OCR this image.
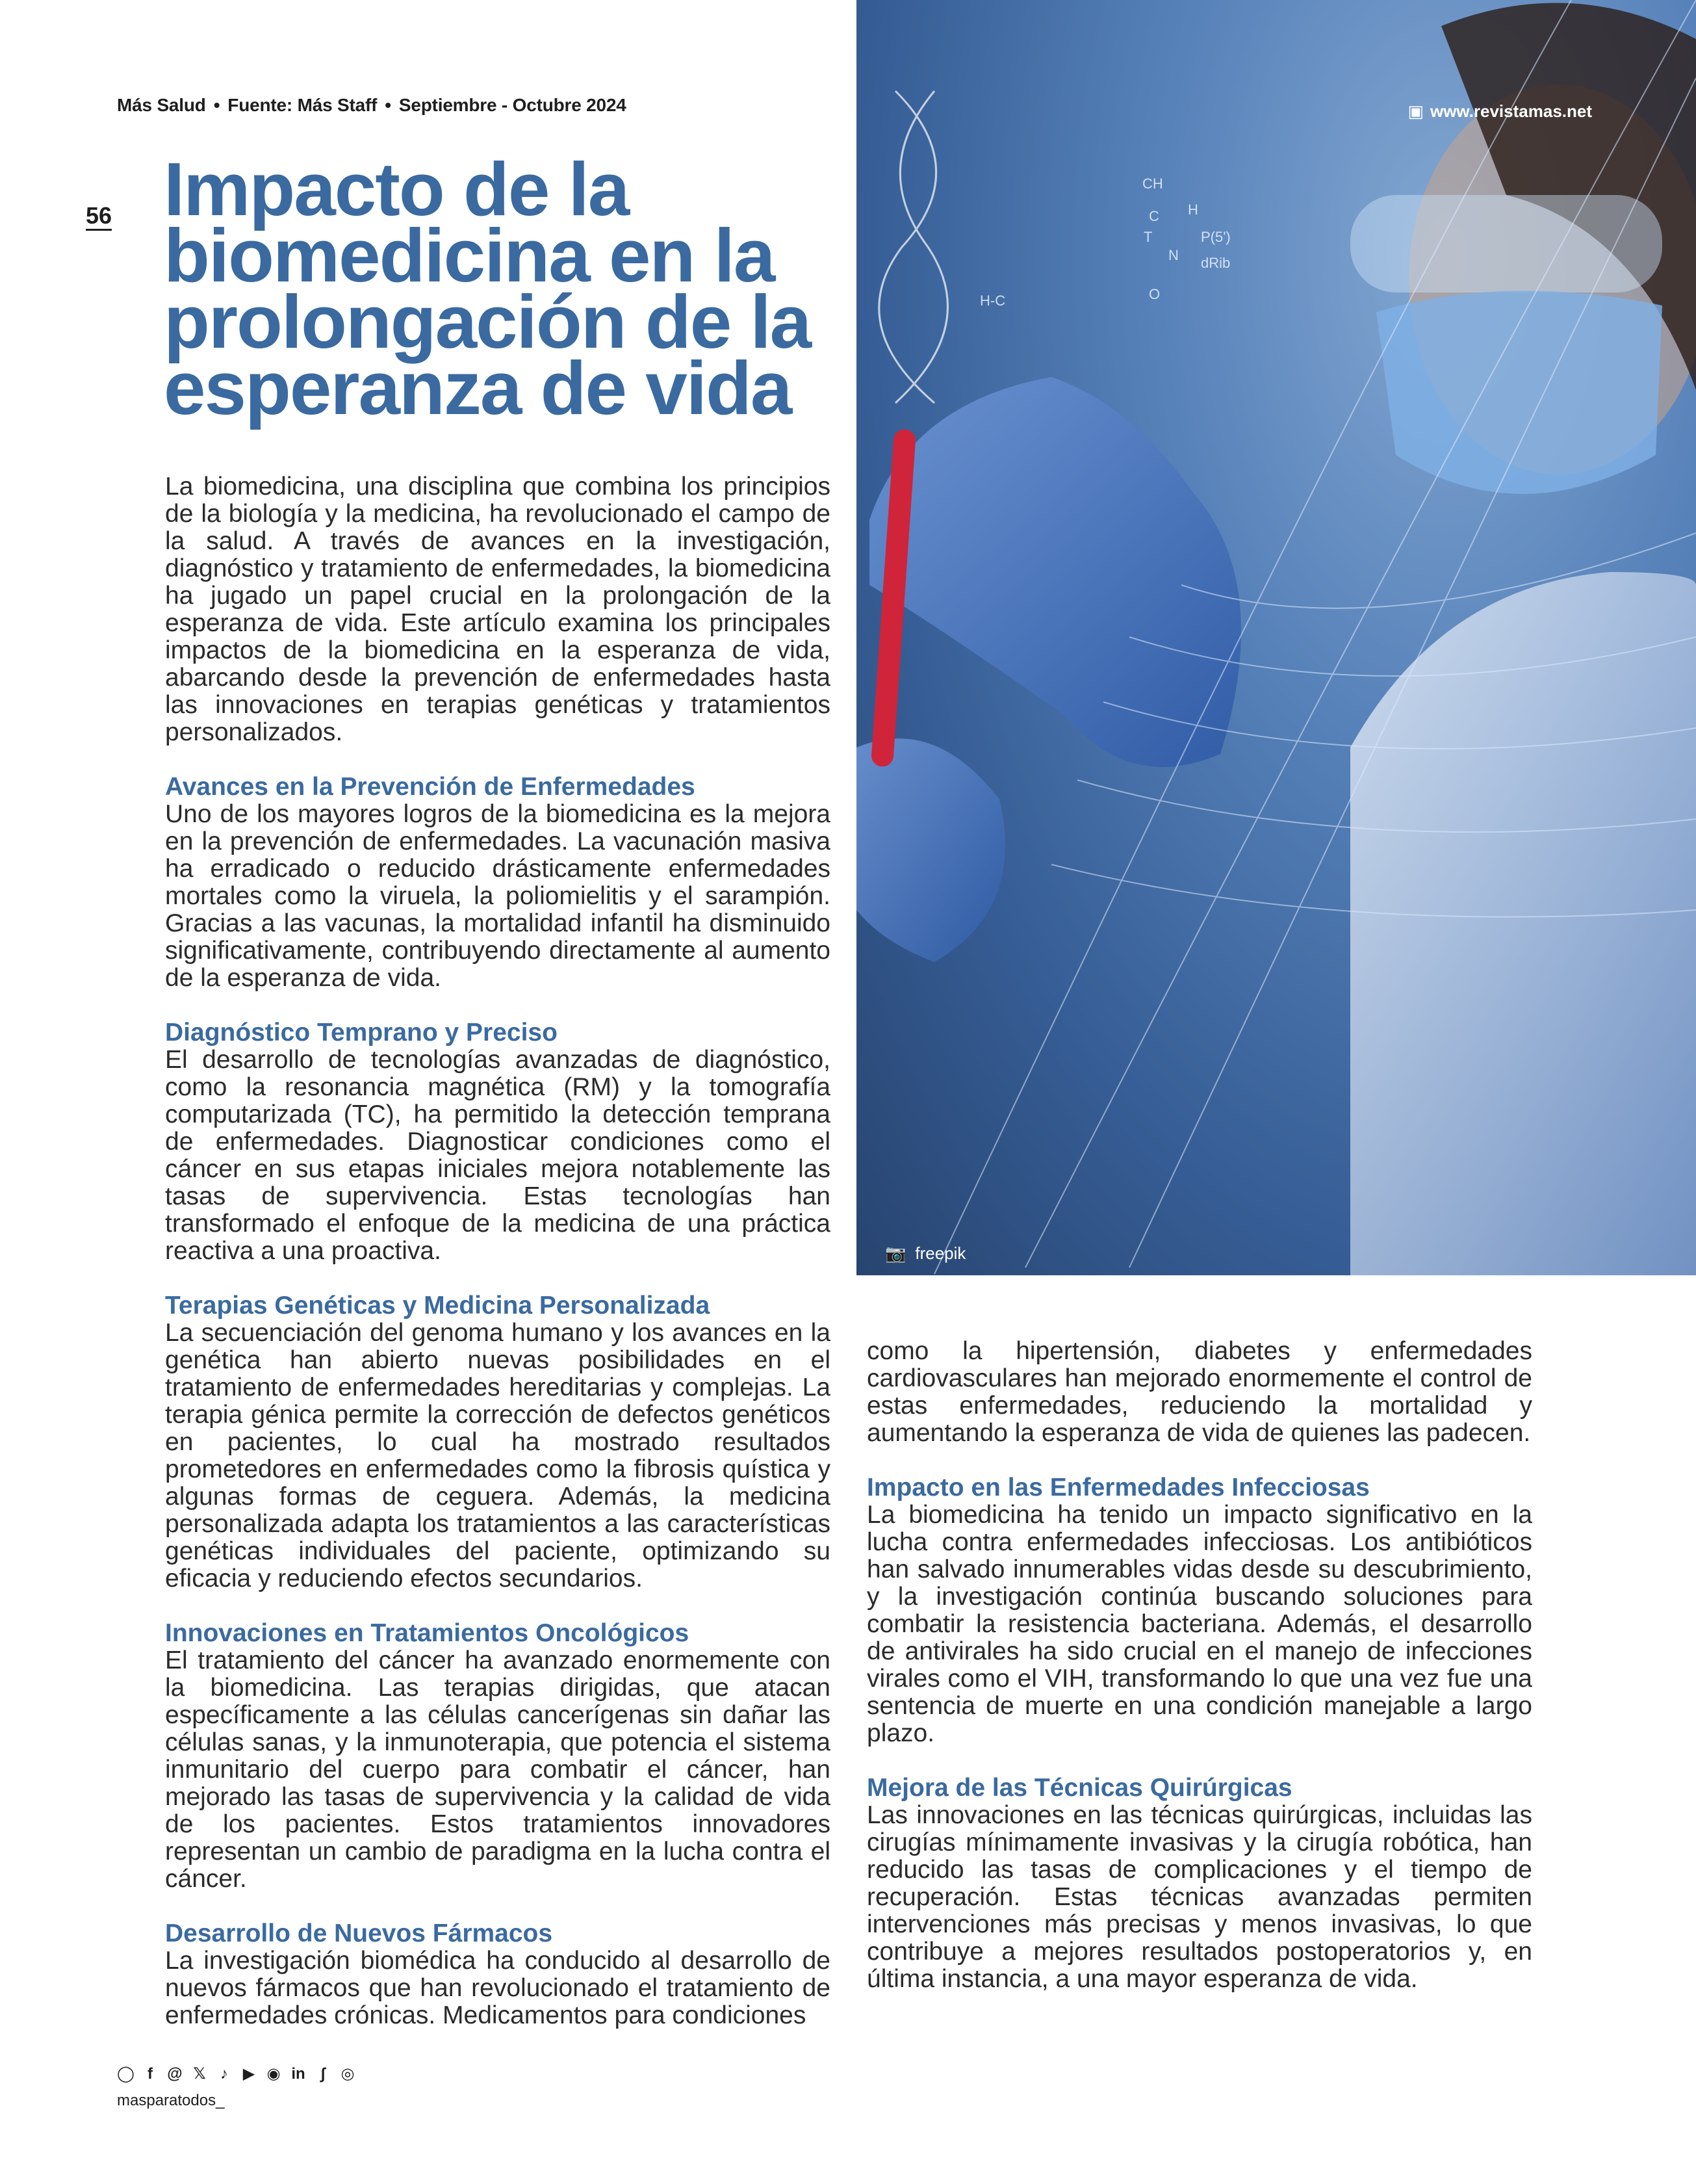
Más Salud • Fuente: Más Staff • Septiembre - Octubre 2024
56 Impacto de la biomedicina en la prolongación de la esperanza de vida

La biomedicina, una disciplina que combina los principios de la biología y la medicina, ha revolucionado el campo de la salud. A través de avances en la investigación, diagnóstico y tratamiento de enfermedades, la biomedicina ha jugado un papel crucial en la prolongación de la esperanza de vida. Este artículo examina los principales impactos de la biomedicina en la esperanza de vida, abarcando desde la prevención de enfermedades hasta las innovaciones en terapias genéticas y tratamientos personalizados.

Avances en la Prevención de Enfermedades

Uno de los mayores logros de la biomedicina es la mejora en la prevención de enfermedades. La vacunación masiva ha erradicado o reducido drásticamente enfermedades mortales como la viruela, la poliomielitis y el sarampión. Gracias a las vacunas, la mortalidad infantil ha disminuido significativamente, contribuyendo directamente al aumento de la esperanza de vida.

Diagnóstico Temprano y Preciso

El desarrollo de tecnologías avanzadas de diagnóstico, como la resonancia magnética (RM) y la tomografía computarizada (TC), ha permitido la detección temprana de enfermedades. Diagnosticar condiciones como el cáncer en sus etapas iniciales mejora notablemente las tasas de supervivencia. Estas tecnologías han transformado el enfoque de la medicina de una práctica reactiva a una proactiva.

Terapias Genéticas y Medicina Personalizada

La secuenciación del genoma humano y los avances en la genética han abierto nuevas posibilidades en el tratamiento de enfermedades hereditarias y complejas. La terapia génica permite la corrección de defectos genéticos en pacientes, lo cual ha mostrado resultados prometedores en enfermedades como la fibrosis quística y algunas formas de ceguera. Además, la medicina personalizada adapta los tratamientos a las características genéticas individuales del paciente, optimizando su eficacia y reduciendo efectos secundarios.

Innovaciones en Tratamientos Oncológicos

El tratamiento del cáncer ha avanzado enormemente con la biomedicina. Las terapias dirigidas, que atacan específicamente a las células cancerígenas sin dañar las células sanas, y la inmunoterapia, que potencia el sistema inmunitario del cuerpo para combatir el cáncer, han mejorado las tasas de supervivencia y la calidad de vida de los pacientes. Estos tratamientos innovadores representan un cambio de paradigma en la lucha contra el cáncer.

Desarrollo de Nuevos Fármacos

La investigación biomédica ha conducido al desarrollo de nuevos fármacos que han revolucionado el tratamiento de enfermedades crónicas. Medicamentos para condiciones

CH
H
C
T
N
O
P(5')
dRib
H-C
▣ www.revistamas.net
📷 freepik

como la hipertensión, diabetes y enfermedades cardiovasculares han mejorado enormemente el control de estas enfermedades, reduciendo la mortalidad y aumentando la esperanza de vida de quienes las padecen.

Impacto en las Enfermedades Infecciosas

La biomedicina ha tenido un impacto significativo en la lucha contra enfermedades infecciosas. Los antibióticos han salvado innumerables vidas desde su descubrimiento, y la investigación continúa buscando soluciones para combatir la resistencia bacteriana. Además, el desarrollo de antivirales ha sido crucial en el manejo de infecciones virales como el VIH, transformando lo que una vez fue una sentencia de muerte en una condición manejable a largo plazo.

Mejora de las Técnicas Quirúrgicas

Las innovaciones en las técnicas quirúrgicas, incluidas las cirugías mínimamente invasivas y la cirugía robótica, han reducido las tasas de complicaciones y el tiempo de recuperación. Estas técnicas avanzadas permiten intervenciones más precisas y menos invasivas, lo que contribuye a mejores resultados postoperatorios y, en última instancia, a una mayor esperanza de vida.

◯ f @ 𝕏 ♪ ▶ ◉ in	∫	◎
masparatodos_
